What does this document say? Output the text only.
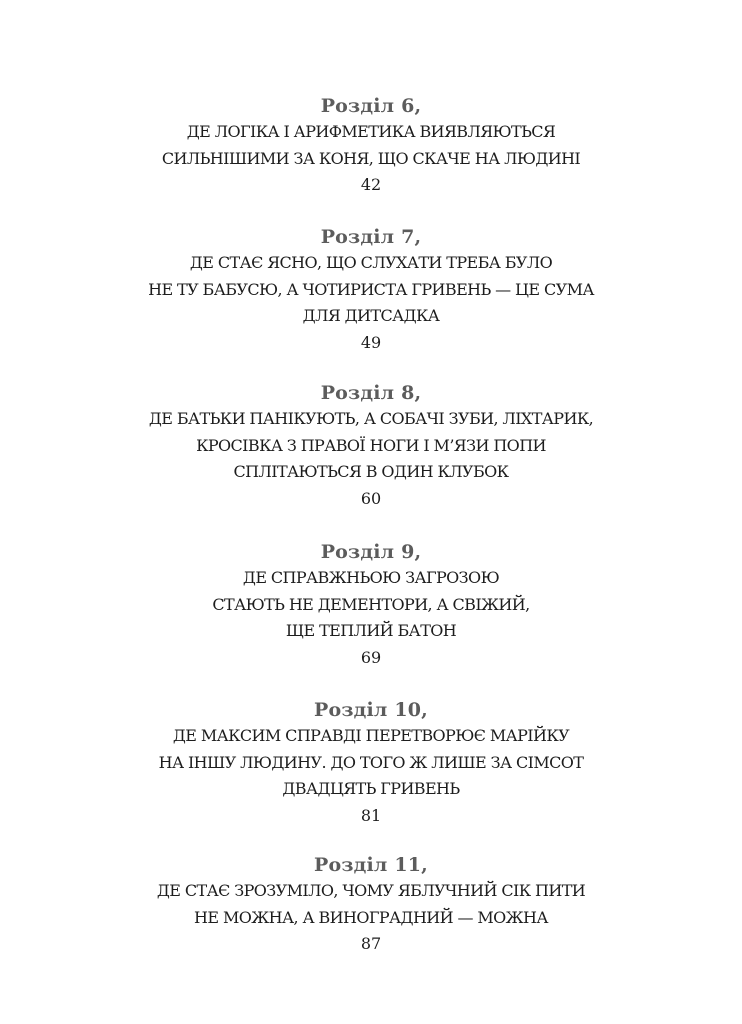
Розділ 6,
ДЕ ЛОГІКА І АРИФМЕТИКА ВИЯВЛЯЮТЬСЯ
СИЛЬНІШИМИ ЗА КОНЯ, ЩО СКАЧЕ НА ЛЮДИНІ
42
Розділ 7,
ДЕ СТАЄ ЯСНО, ЩО СЛУХАТИ ТРЕБА БУЛО
НЕ ТУ БАБУСЮ, А ЧОТИРИСТА ГРИВЕНЬ — ЦЕ СУМА
ДЛЯ ДИТСАДКА
49
Розділ 8,
ДЕ БАТЬКИ ПАНІКУЮТЬ, А СОБАЧІ ЗУБИ, ЛІХТАРИК,
КРОСІВКА З ПРАВОЇ НОГИ І М’ЯЗИ ПОПИ
СПЛІТАЮТЬСЯ В ОДИН КЛУБОК
60
Розділ 9,
ДЕ СПРАВЖНЬОЮ ЗАГРОЗОЮ
СТАЮТЬ НЕ ДЕМЕНТОРИ, А СВІЖИЙ,
ЩЕ ТЕПЛИЙ БАТОН
69
Розділ 10,
ДЕ МАКСИМ СПРАВДІ ПЕРЕТВОРЮЄ МАРІЙКУ
НА ІНШУ ЛЮДИНУ. ДО ТОГО Ж ЛИШЕ ЗА СІМСОТ
ДВАДЦЯТЬ ГРИВЕНЬ
81
Розділ 11,
ДЕ СТАЄ ЗРОЗУМІЛО, ЧОМУ ЯБЛУЧНИЙ СІК ПИТИ
НЕ МОЖНА, А ВИНОГРАДНИЙ — МОЖНА
87
